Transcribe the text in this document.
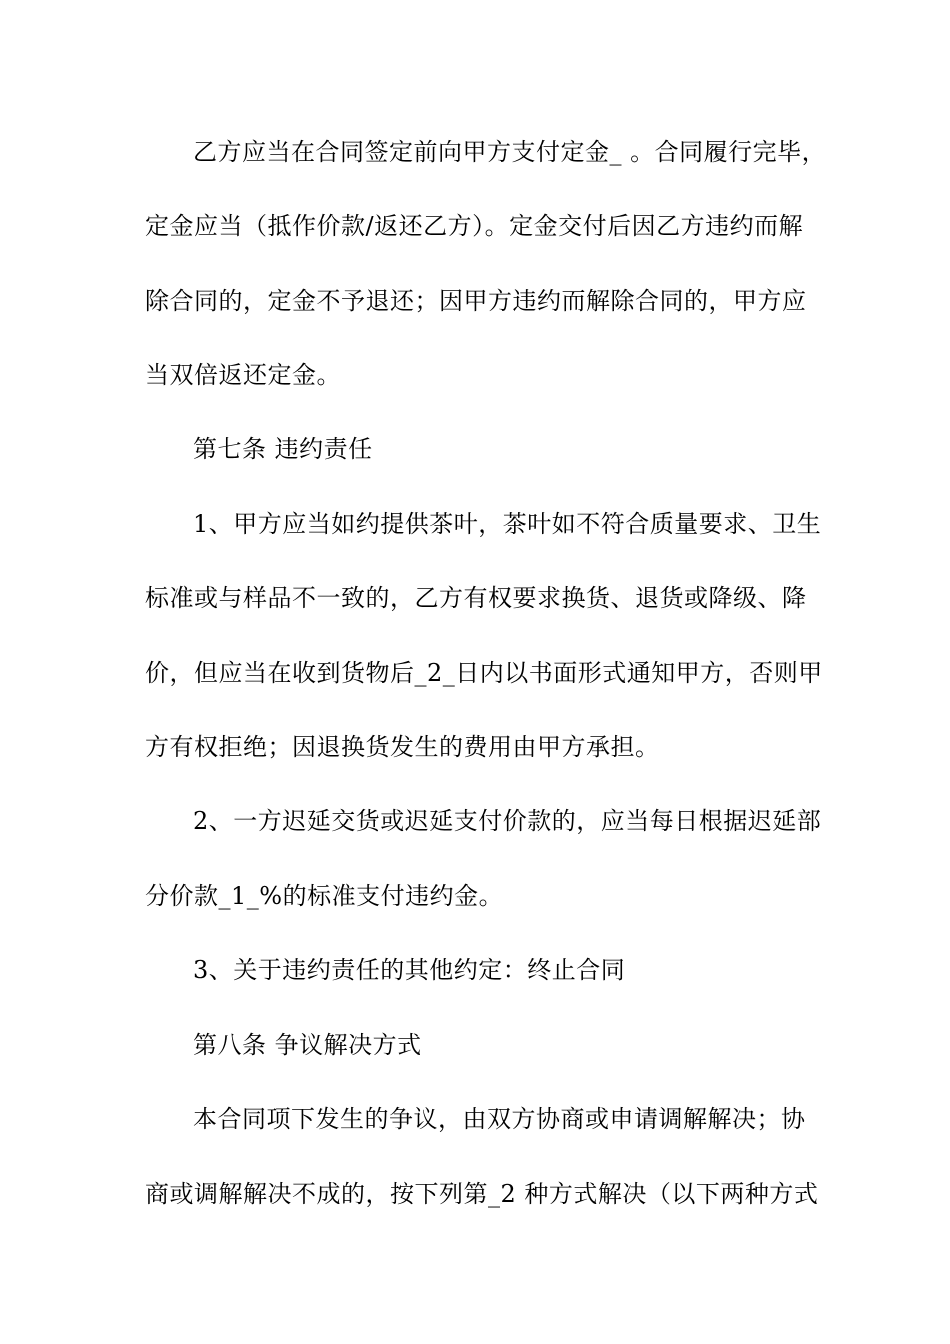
乙方应当在合同签定前向甲方支付定金_ 。合同履行完毕，
定金应当（抵作价款/返还乙方）。定金交付后因乙方违约而解
除合同的，定金不予退还；因甲方违约而解除合同的，甲方应
当双倍返还定金。
第七条 违约责任
1、甲方应当如约提供茶叶，茶叶如不符合质量要求、卫生
标准或与样品不一致的，乙方有权要求换货、退货或降级、降
价，但应当在收到货物后_2_日内以书面形式通知甲方，否则甲
方有权拒绝；因退换货发生的费用由甲方承担。
2、一方迟延交货或迟延支付价款的，应当每日根据迟延部
分价款_1_%的标准支付违约金。
3、关于违约责任的其他约定：终止合同
第八条 争议解决方式
本合同项下发生的争议，由双方协商或申请调解解决；协
商或调解解决不成的，按下列第_2 种方式解决（以下两种方式
